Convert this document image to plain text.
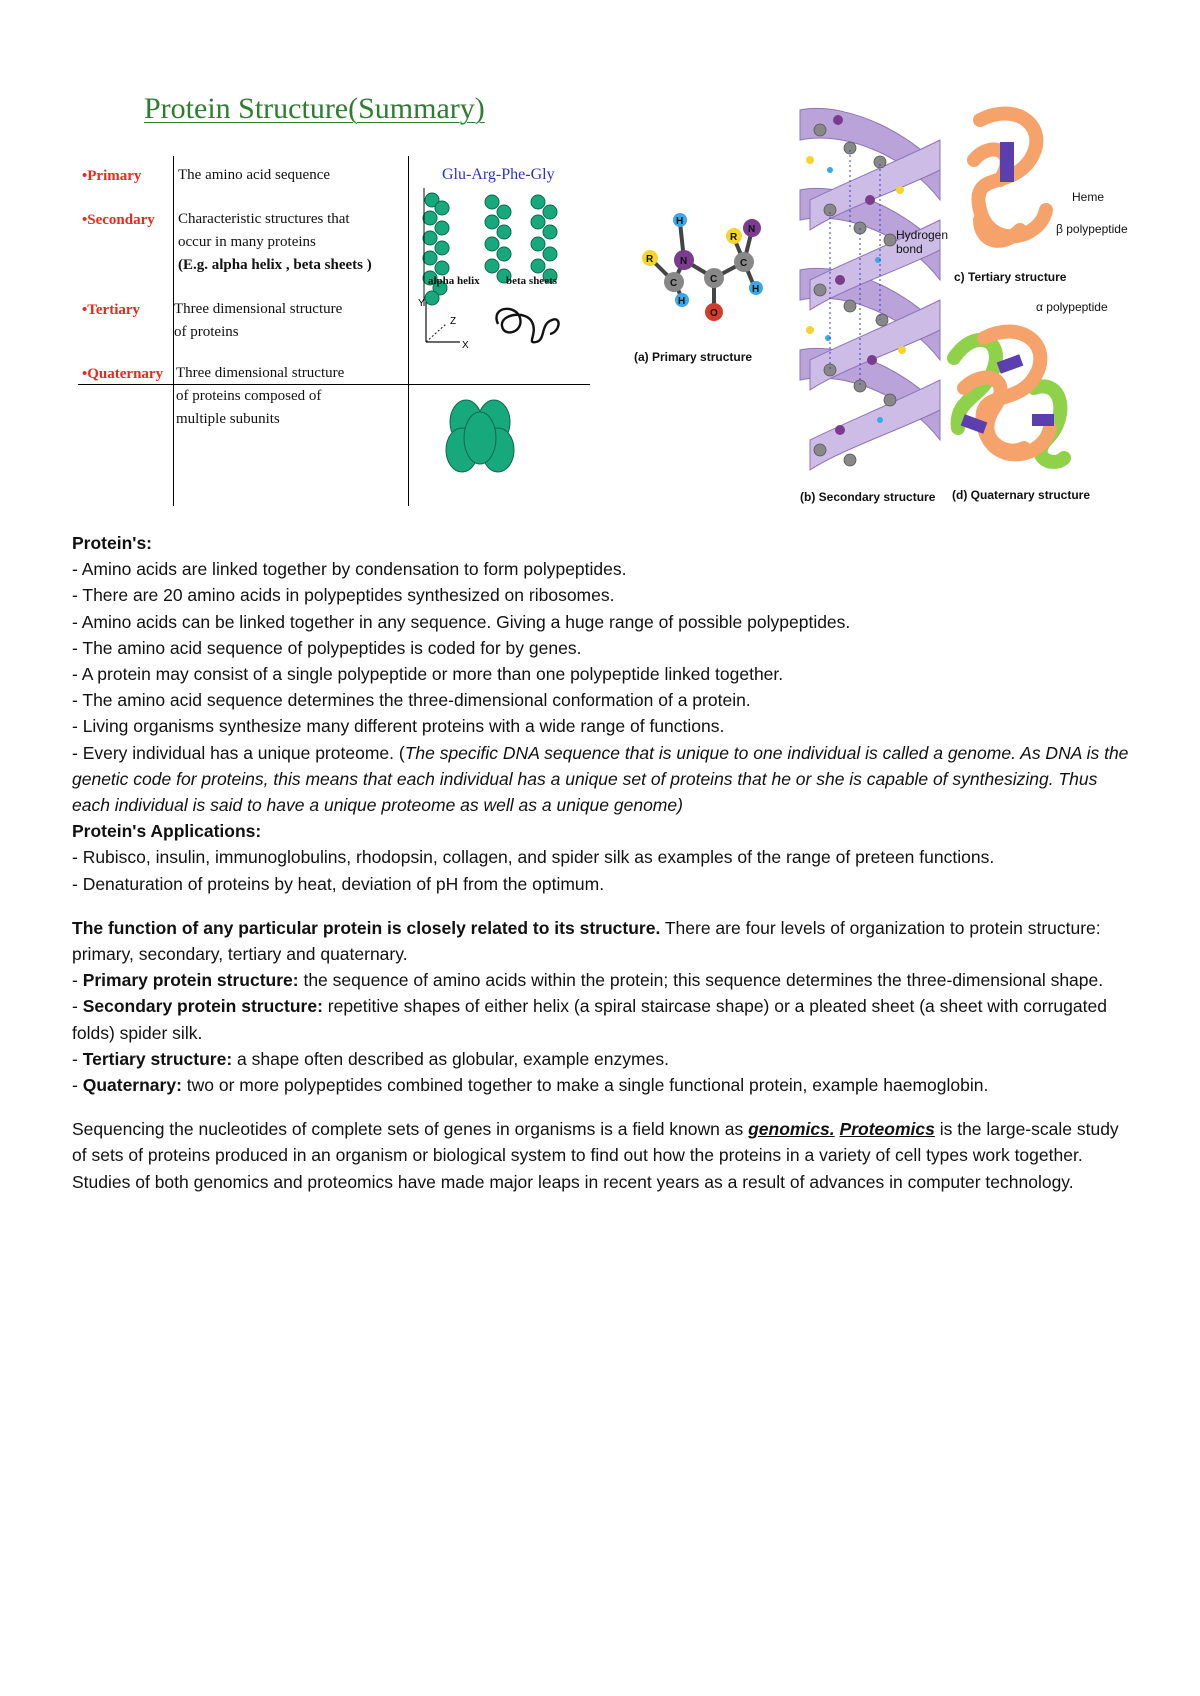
Protein Structure(Summary)
•Primary The amino acid sequence	Glu-Arg-Phe-Gly
•Secondary Characteristic structures that
occur in many proteins
(E.g. alpha helix , beta sheets )
alpha helix beta sheets
•Tertiary Three dimensional structure
of proteins
Y
Z
X
•Quaternary Three dimensional structure
of proteins composed of
multiple subunits
R
C
H
N
H
C
O
C
H
R
N
(a) Primary structure
Hydrogen
bond
(b) Secondary structure
Heme
β polypeptide
c) Tertiary structure
α polypeptide
(d) Quaternary structure

Protein's:

- Amino acids are linked together by condensation to form polypeptides.

- There are 20 amino acids in polypeptides synthesized on ribosomes.

- Amino acids can be linked together in any sequence. Giving a huge range of possible polypeptides.

- The amino acid sequence of polypeptides is coded for by genes.

- A protein may consist of a single polypeptide or more than one polypeptide linked together.

- The amino acid sequence determines the three-dimensional conformation of a protein.

- Living organisms synthesize many different proteins with a wide range of functions.

- Every individual has a unique proteome. (The specific DNA sequence that is unique to one individual is called a genome. As DNA is the genetic code for proteins, this means that each individual has a unique set of proteins that he or she is capable of synthesizing. Thus each individual is said to have a unique proteome as well as a unique genome)

Protein's Applications:

- Rubisco, insulin, immunoglobulins, rhodopsin, collagen, and spider silk as examples of the range of preteen functions.

- Denaturation of proteins by heat, deviation of pH from the optimum.

The function of any particular protein is closely related to its structure. There are four levels of organization to protein structure: primary, secondary, tertiary and quaternary.

- Primary protein structure: the sequence of amino acids within the protein; this sequence determines the three-dimensional shape.

- Secondary protein structure: repetitive shapes of either helix (a spiral staircase shape) or a pleated sheet (a sheet with corrugated folds) spider silk.

- Tertiary structure: a shape often described as globular, example enzymes.

- Quaternary: two or more polypeptides combined together to make a single functional protein, example haemoglobin.

Sequencing the nucleotides of complete sets of genes in organisms is a field known as genomics. Proteomics is the large-scale study of sets of proteins produced in an organism or biological system to find out how the proteins in a variety of cell types work together. Studies of both genomics and proteomics have made major leaps in recent years as a result of advances in computer technology.
